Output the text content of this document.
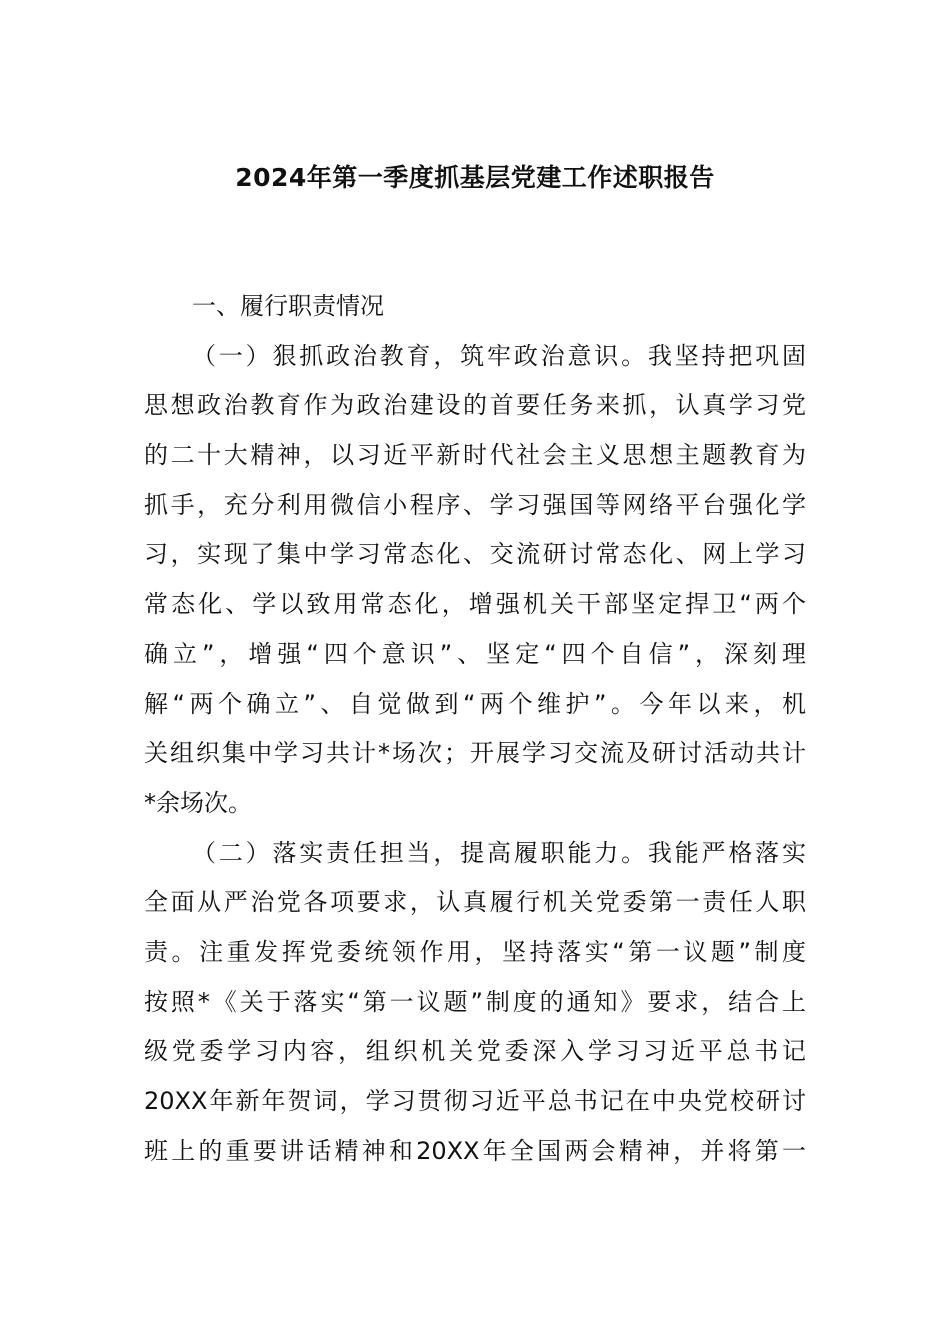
2024年第一季度抓基层党建工作述职报告
一、履行职责情况
（一）狠抓政治教育，筑牢政治意识。我坚持把巩固
思想政治教育作为政治建设的首要任务来抓，认真学习党
的二十大精神，以习近平新时代社会主义思想主题教育为
抓手，充分利用微信小程序、学习强国等网络平台强化学
习，实现了集中学习常态化、交流研讨常态化、网上学习
常态化、学以致用常态化，增强机关干部坚定捍卫“两个
确立”，增强“四个意识”、坚定“四个自信”，深刻理
解“两个确立”、自觉做到“两个维护”。今年以来，机
关组织集中学习共计*场次；开展学习交流及研讨活动共计
*余场次。
（二）落实责任担当，提高履职能力。我能严格落实
全面从严治党各项要求，认真履行机关党委第一责任人职
责。注重发挥党委统领作用，坚持落实“第一议题”制度
按照*《关于落实“第一议题”制度的通知》要求，结合上
级党委学习内容，组织机关党委深入学习习近平总书记
20XX年新年贺词，学习贯彻习近平总书记在中央党校研讨
班上的重要讲话精神和20XX年全国两会精神，并将第一
